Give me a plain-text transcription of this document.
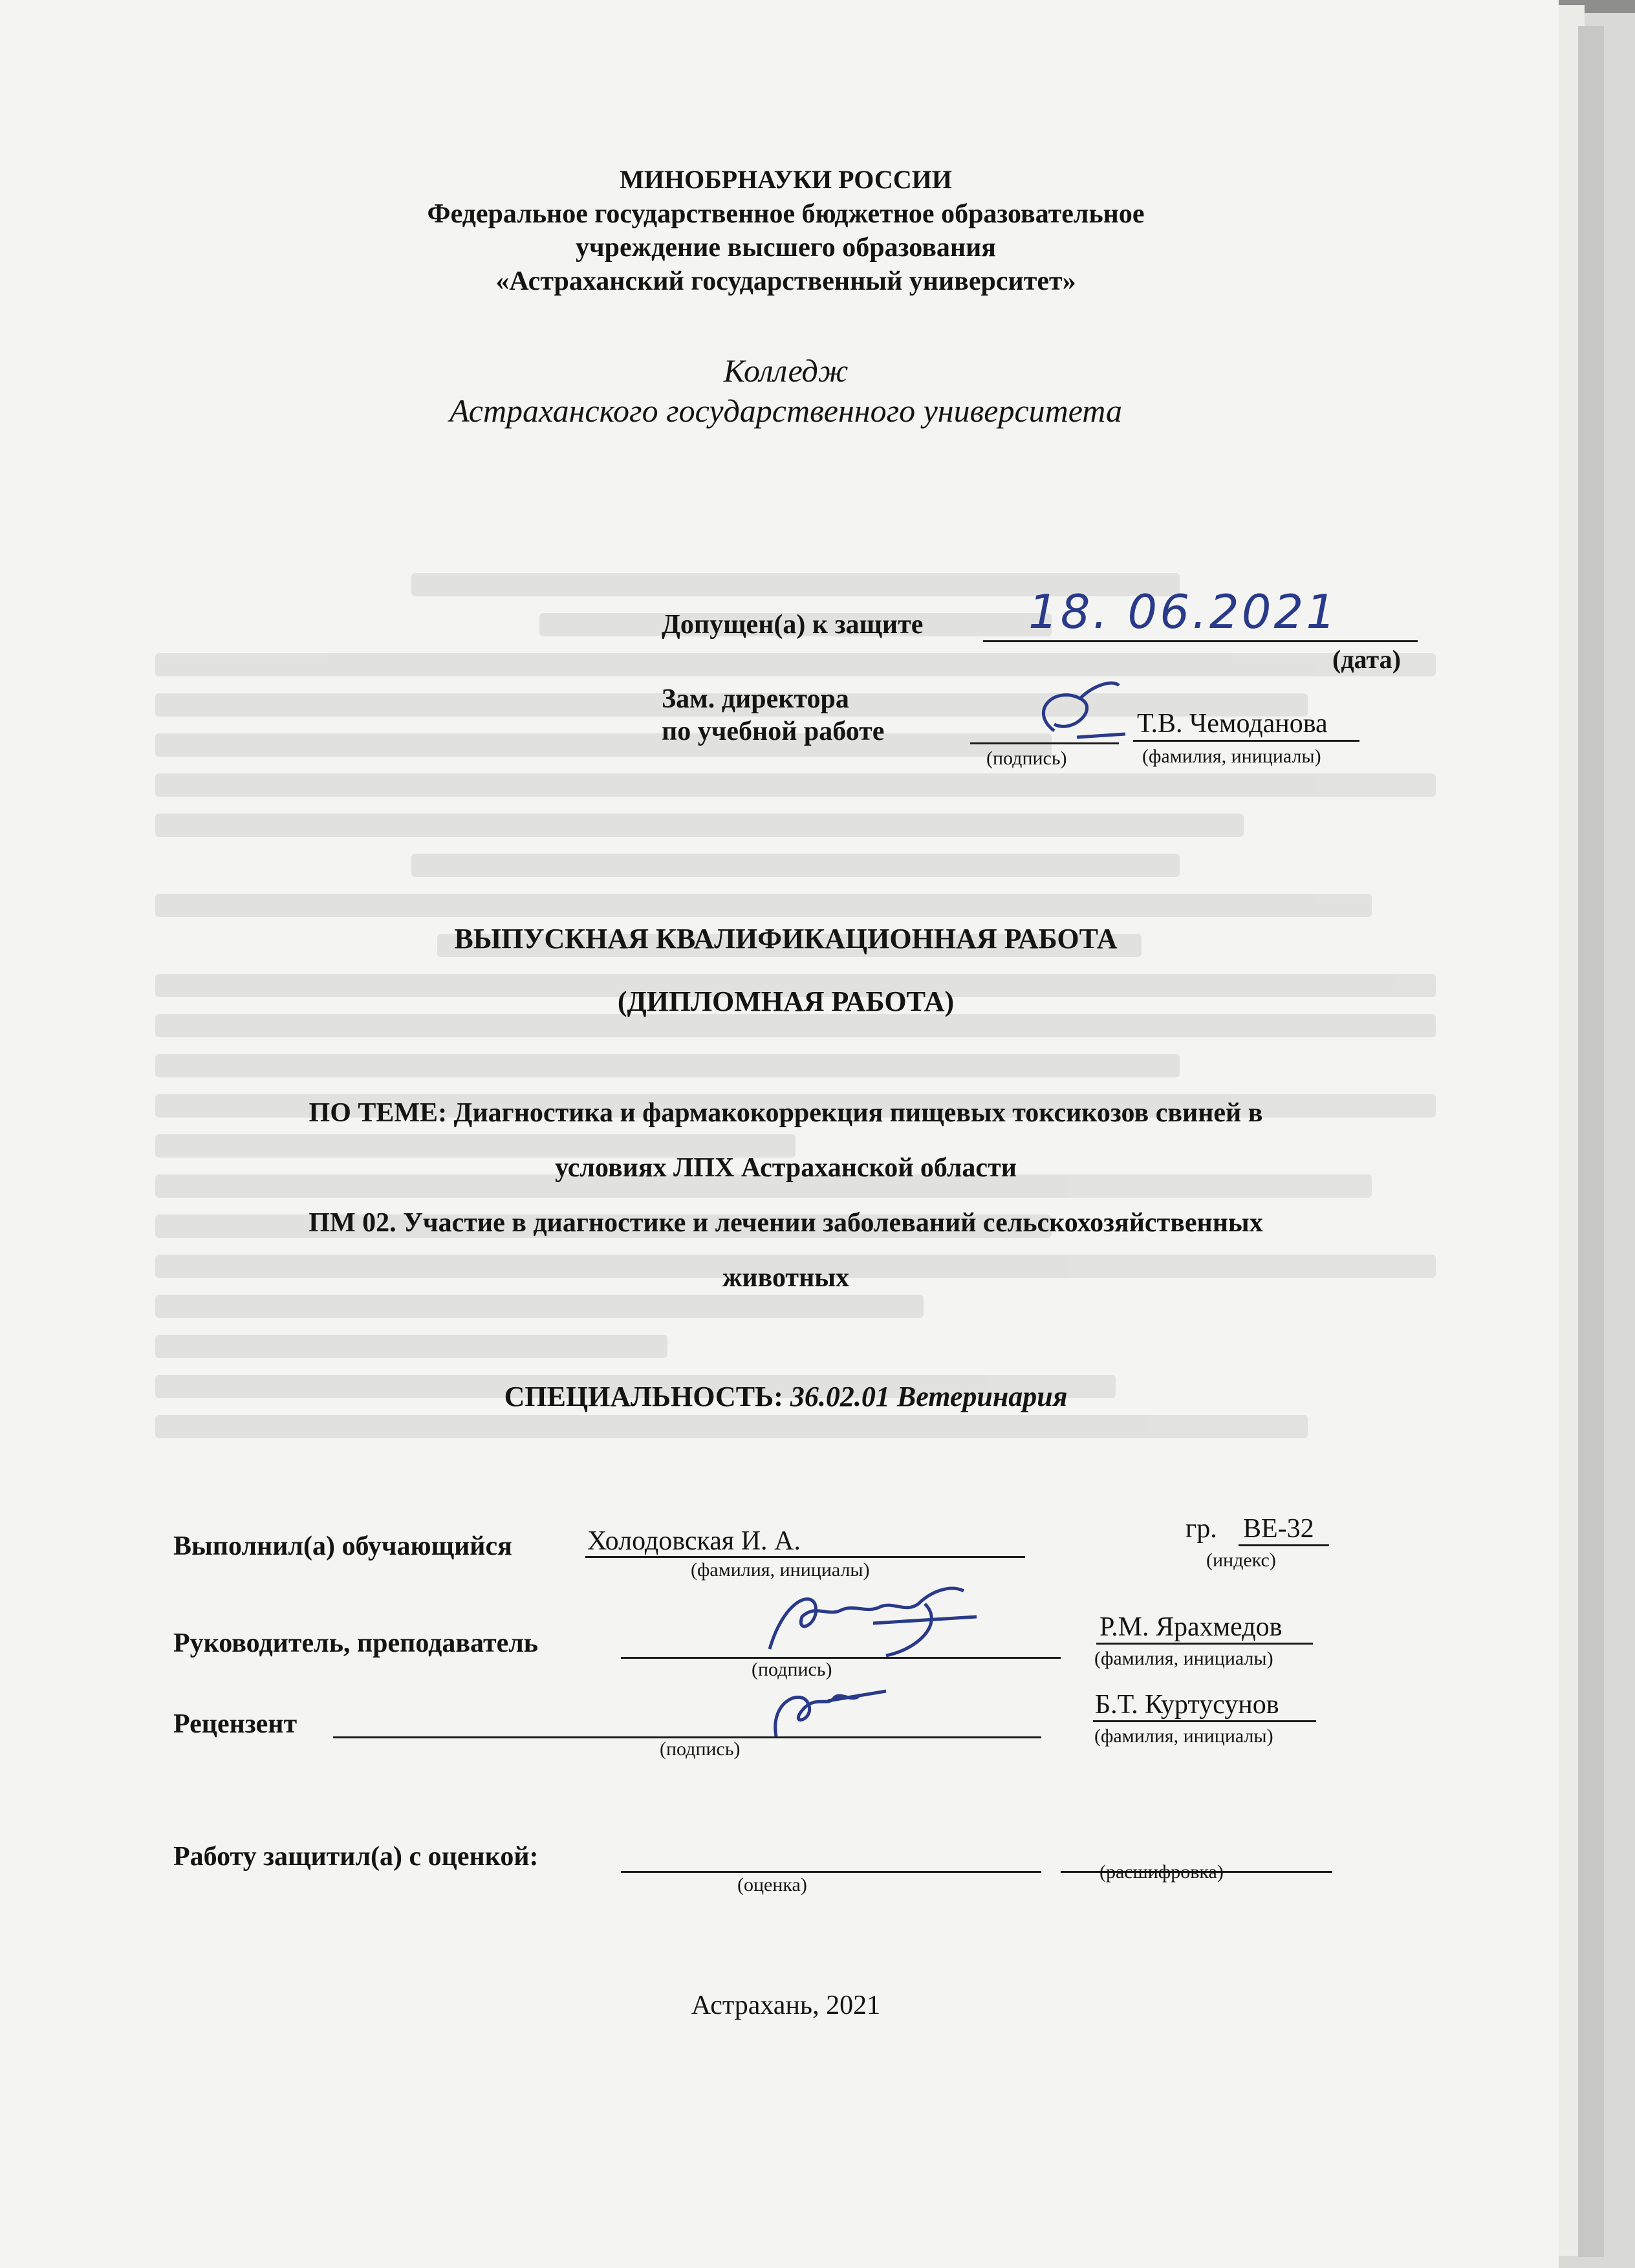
МИНОБРНАУКИ РОССИИ
Федеральное государственное бюджетное образовательное
учреждение высшего образования
«Астраханский государственный университет»
Колледж
Астраханского государственного университета
Допущен(а) к защите 18. 06.2021
(дата)
Зам. директора
по учебной работе	Т.В. Чемоданова
(подпись)	(фамилия, инициалы)
ВЫПУСКНАЯ КВАЛИФИКАЦИОННАЯ РАБОТА
(ДИПЛОМНАЯ РАБОТА)
ПО ТЕМЕ: Диагностика и фармакокоррекция пищевых токсикозов свиней в
условиях ЛПХ Астраханской области
ПМ 02. Участие в диагностике и лечении заболеваний сельскохозяйственных
животных
СПЕЦИАЛЬНОСТЬ: 36.02.01 Ветеринария
Выполнил(а) обучающийся	Холодовская И. А.
(фамилия, инициалы)
гр. ВЕ-32
(индекс)
Руководитель, преподаватель
(подпись)
Р.М. Ярахмедов
(фамилия, инициалы)
Рецензент
(подпись)
Б.Т. Куртусунов
(фамилия, инициалы)
Работу защитил(а) с оценкой:
(оценка)
(расшифровка)
Астрахань, 2021
